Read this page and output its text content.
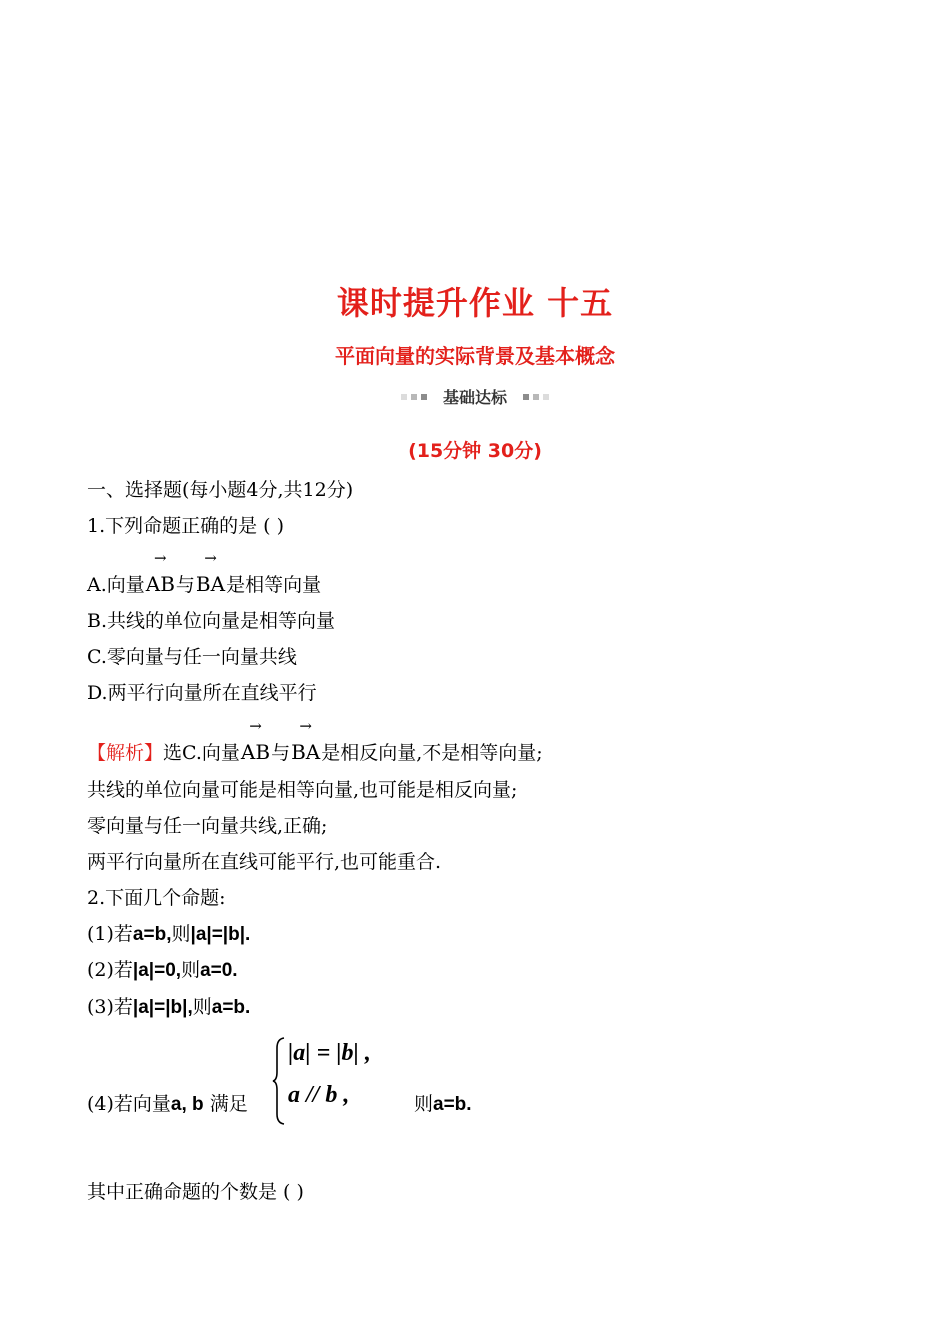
课时提升作业 十五
平面向量的实际背景及基本概念
基础达标
(15分钟 30分)
一、选择题(每小题4分,共12分)
1.下列命题正确的是 ( )
A.向量
→
AB与
→
BA是相等向量
B.共线的单位向量是相等向量
C.零向量与任一向量共线
D.两平行向量所在直线平行
【解析】选C.向量
→
AB与
→
BA是相反向量,不是相等向量;
共线的单位向量可能是相等向量,也可能是相反向量;
零向量与任一向量共线,正确;
两平行向量所在直线可能平行,也可能重合.
2.下面几个命题:
(1)若a=b,则|a|=|b|.
(2)若|a|=0,则a=0.
(3)若|a|=|b|,则a=b.
(4)若向量a, b 满足
|a| = |b| ,
a // b ,	则a=b.
其中正确命题的个数是 ( )
